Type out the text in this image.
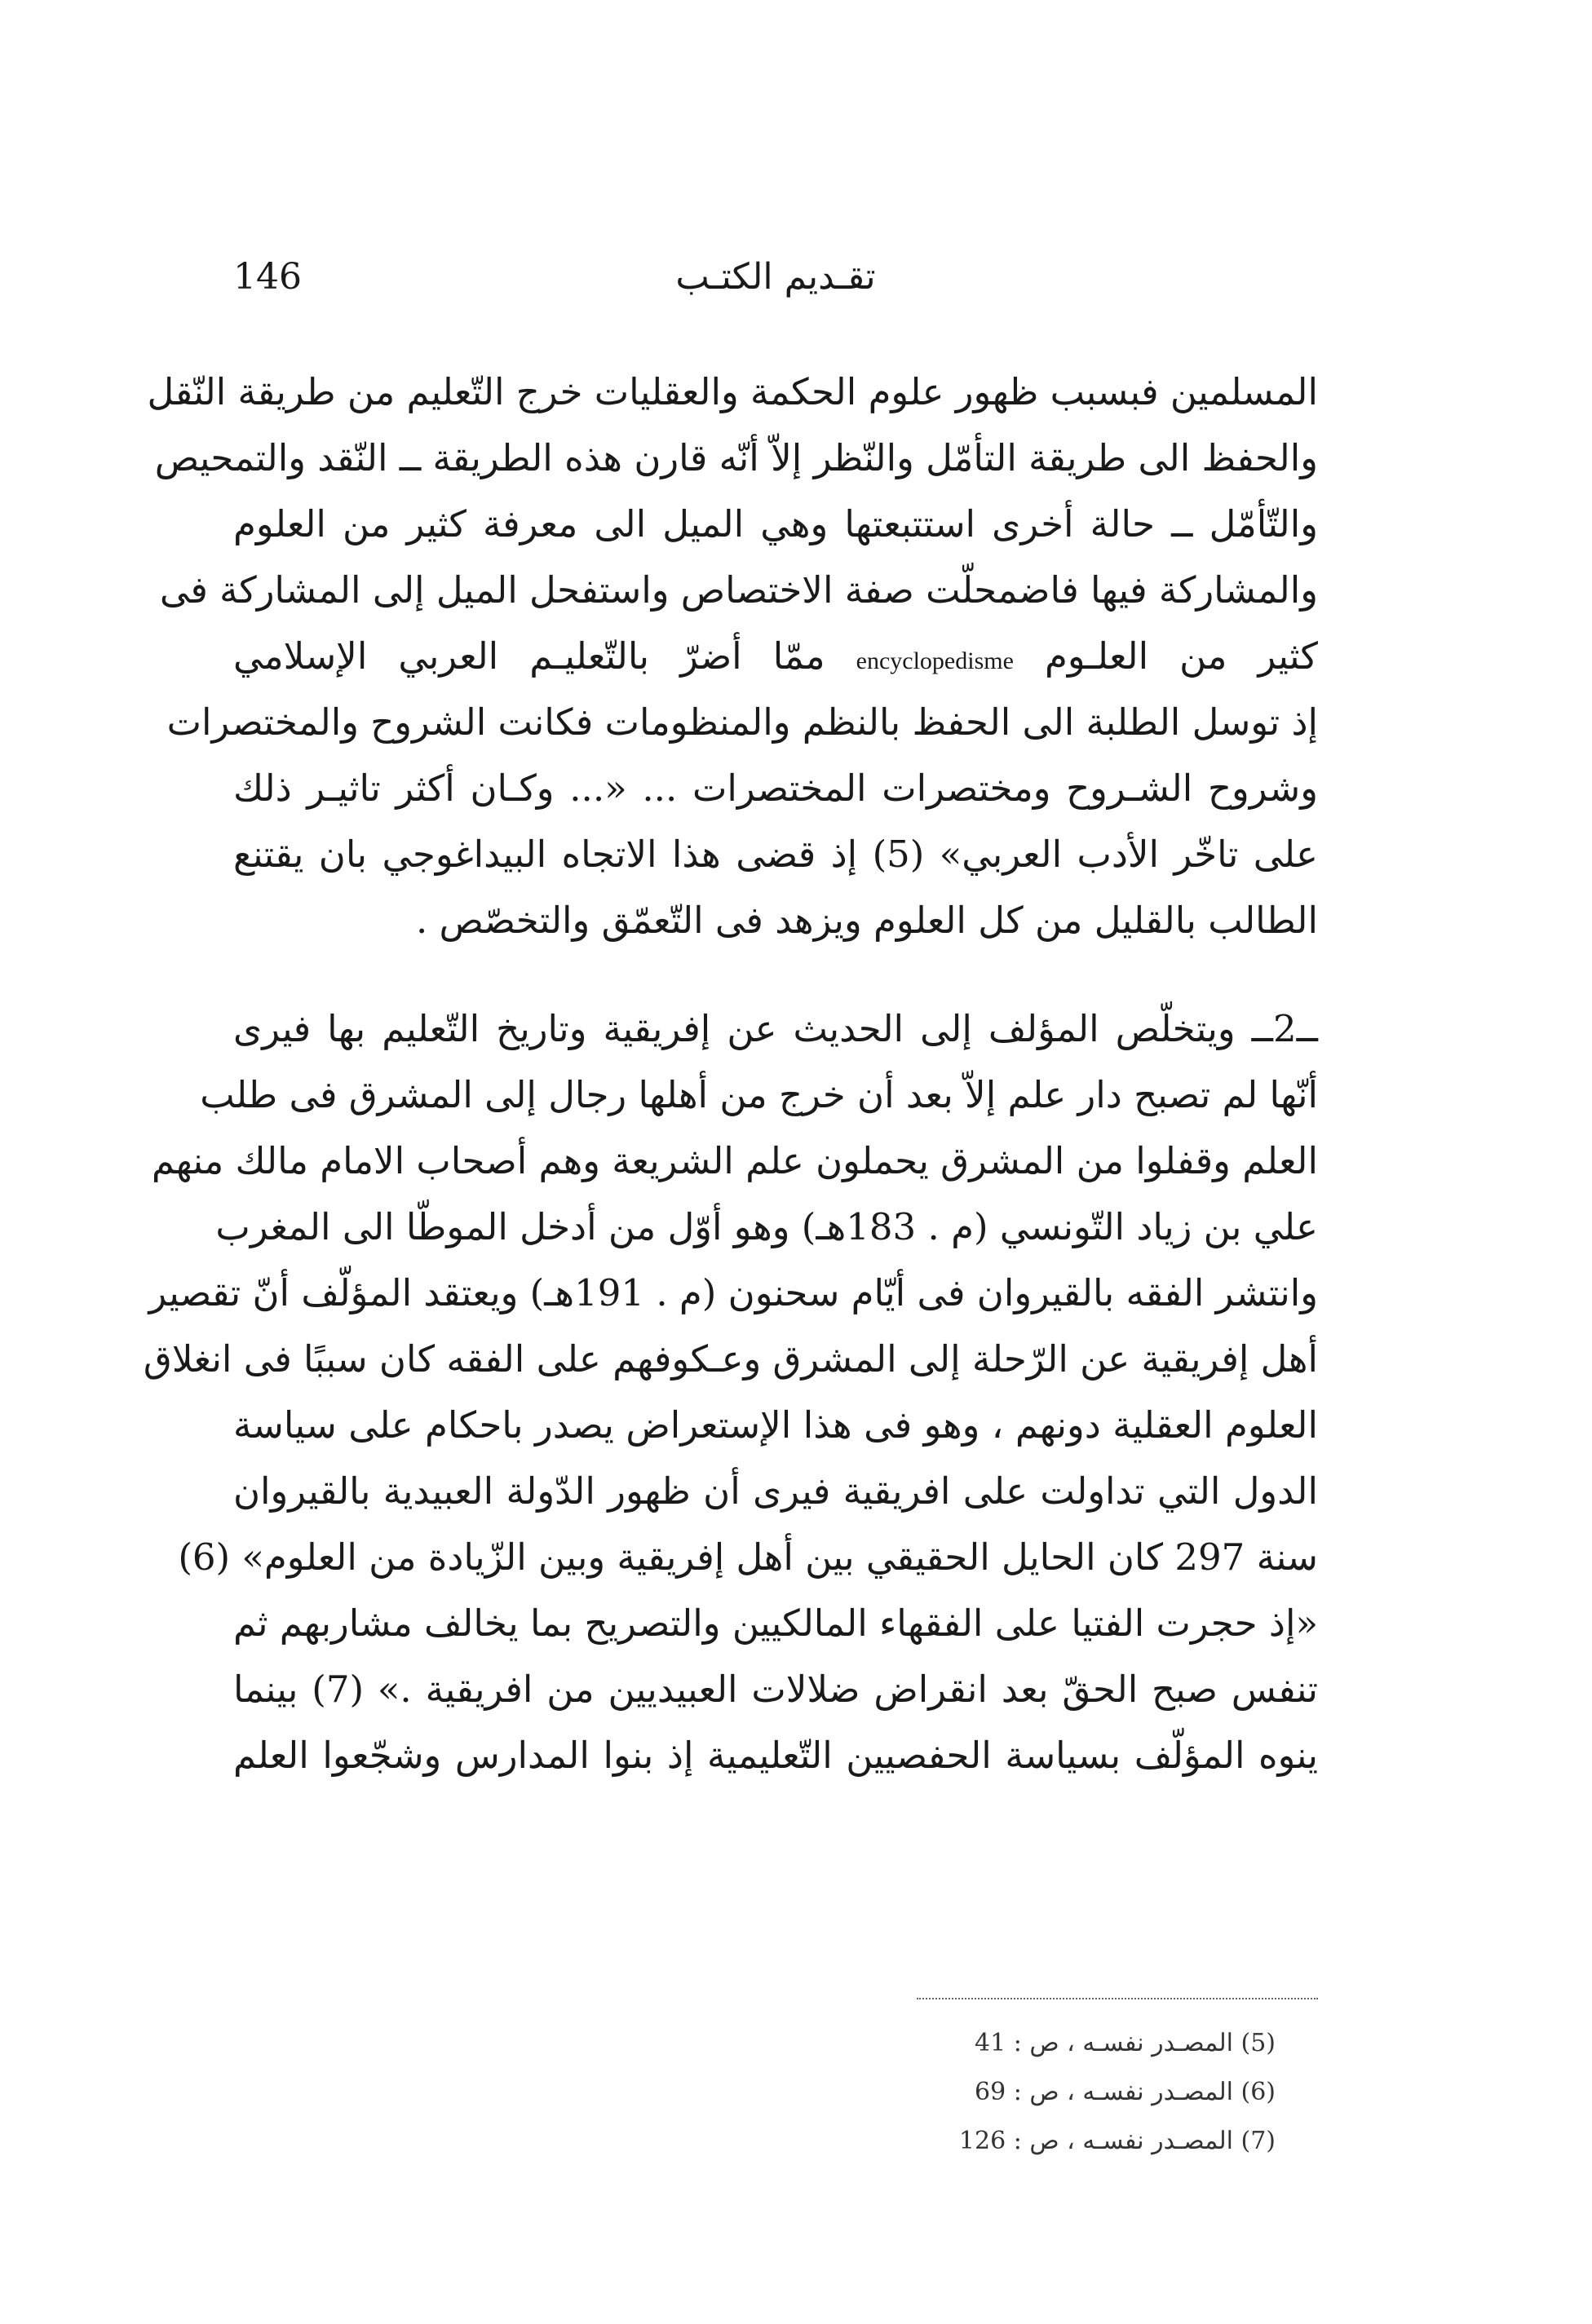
146	تقـديم الكتـب
المسلمين فبسبب ظهور علوم الحكمة والعقليات خرج التّعليم من طريقة النّقل
والحفظ الى طريقة التأمّل والنّظر إلاّ أنّه قارن هذه الطريقة ــ النّقد والتمحيص
والتّأمّل ــ حالة أخرى استتبعتها وهي الميل الى معرفة كثير من العلوم
والمشاركة فيها فاضمحلّت صفة الاختصاص واستفحل الميل إلى المشاركة فى
كثير من العلـوم encyclopedisme ممّا أضرّ بالتّعليـم العربي الإسلامي
إذ توسل الطلبة الى الحفظ بالنظم والمنظومات فكانت الشروح والمختصرات
وشروح الشـروح ومختصرات المختصرات ... «... وكـان أكثر تاثيـر ذلك
على تاخّر الأدب العربي» (5) إذ قضى هذا الاتجاه البيداغوجي بان يقتنع
الطالب بالقليل من كل العلوم ويزهد فى التّعمّق والتخصّص .
ــ2ــ ويتخلّص المؤلف إلى الحديث عن إفريقية وتاريخ التّعليم بها فيرى
أنّها لم تصبح دار علم إلاّ بعد أن خرج من أهلها رجال إلى المشرق فى طلب
العلم وقفلوا من المشرق يحملون علم الشريعة وهم أصحاب الامام مالك منهم
علي بن زياد التّونسي (م . 183هـ) وهو أوّل من أدخل الموطّا الى المغرب
وانتشر الفقه بالقيروان فى أيّام سحنون (م . 191هـ) ويعتقد المؤلّف أنّ تقصير
أهل إفريقية عن الرّحلة إلى المشرق وعـكوفهم على الفقه كان سببًا فى انغلاق
العلوم العقلية دونهم ، وهو فى هذا الإستعراض يصدر باحكام على سياسة
الدول التي تداولت على افريقية فيرى أن ظهور الدّولة العبيدية بالقيروان
سنة 297 كان الحايل الحقيقي بين أهل إفريقية وبين الزّيادة من العلوم» (6)
«إذ حجرت الفتيا على الفقهاء المالكيين والتصريح بما يخالف مشاربهم ثم
تنفس صبح الحقّ بعد انقراض ضلالات العبيديين من افريقية .» (7) بينما
ينوه المؤلّف بسياسة الحفصيين التّعليمية إذ بنوا المدارس وشجّعوا العلم
(5) المصـدر نفسـه ، ص : 41
(6) المصـدر نفسـه ، ص : 69
(7) المصـدر نفسـه ، ص : 126
